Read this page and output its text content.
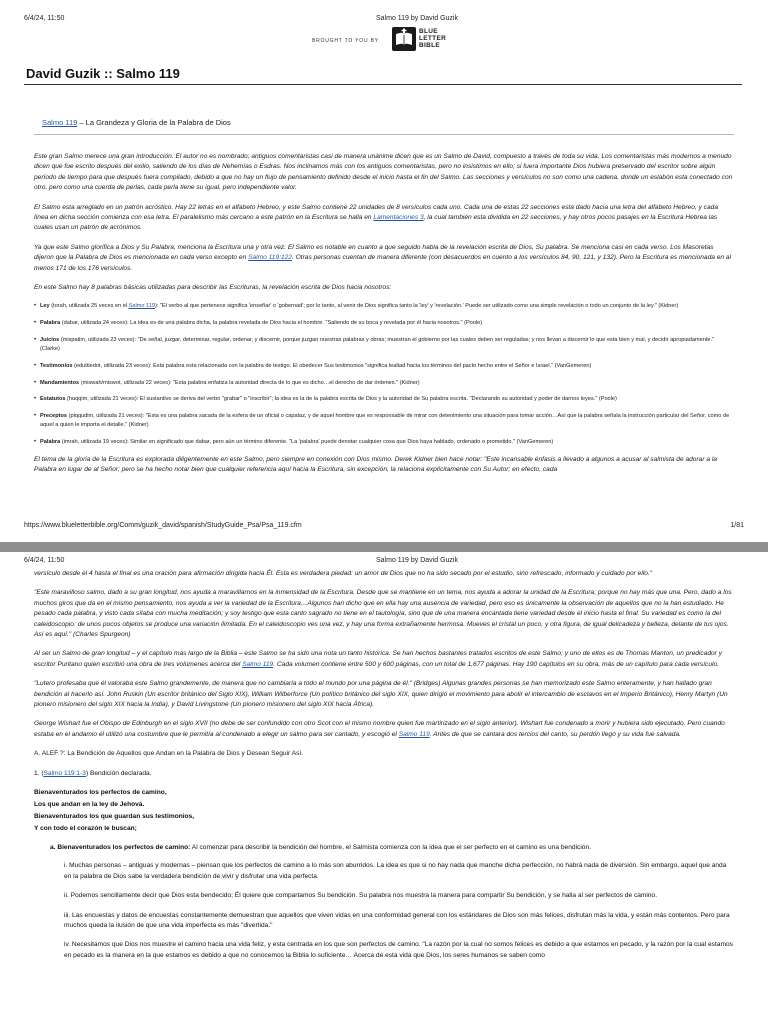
6/4/24, 11:50	Salmo 119 by David Guzik
BROUGHT TO YOU BY
BLUE
LETTER
BIBLE
David Guzik :: Salmo 119
Salmo 119 – La Grandeza y Gloria de la Palabra de Dios

Este gran Salmo merece una gran introducción. El autor no es nombrado; antiguos comentaristas casi de manera unánime dicen que es un Salmo de David, compuesto a través de toda su vida. Los comentaristas más modernos a menudo dicen que fue escrito después del exilio, saliendo de los días de Nehemías o Esdras. Nos inclinamos más con los antiguos comentaristas, pero no insistimos en ello; si fuera importante Dios hubiera preservado del escritor sobre algún período de tiempo para que después fuera compilado, debido a que no hay un flujo de pensamiento definido desde el inicio hasta el fin del Salmo. Las secciones y versículos no son como una cadena, donde un eslabón esta conectado con otro, pero como una cuerda de perlas, cada perla tiene su igual, pero independiente valor.

El Salmo esta arreglado en un patrón acróstico. Hay 22 letras en el alfabeto Hebreo, y este Salmo contiene 22 unidades de 8 versículos cada uno. Cada una de estas 22 secciones esta dado hacia una letra del alfabeto Hebreo, y cada línea en dicha sección comienza con esa letra. El paralelismo más cercano a este patrón en la Escritura se halla en Lamentaciones 3, la cual también esta dividida en 22 secciones, y hay otros pocos pasajes en la Escritura Hebrea las cuales usan un patrón de acrónimos.

Ya que este Salmo glorifica a Dios y Su Palabra, menciona la Escritura una y otra vez. El Salmo es notable en cuanto a que seguido habla de la revelación escrita de Dios, Su palabra. Se menciona casi en cada verso. Los Masoretas dijeron que la Palabra de Dios es mencionada en cada verso excepto en Salmo 119:122. Otras personas cuentan de manera diferente (con desacuerdos en cuento a los versículos 84, 90, 121, y 132). Pero la Escritura es mencionada en al menos 171 de los 176 versículos.

En este Salmo hay 8 palabras básicas utilizadas para describir las Escrituras, la revelación escrita de Dios hacia nosotros:

• Ley (torah, utilizada 25 veces en el Salmo 119): "El verbo al que pertenece significa 'enseñar' o 'gobernad'; por lo tanto, al venir de Dios significa tanto la 'ley' y 'revelación.' Puede ser utilizado como una simple revelación o todo un conjunto de la ley." (Kidner)
• Palabra (dabar, utilizada 24 veces): La idea es de una palabra dicha, la palabra revelada de Dios hacia el hombre. "Saliendo de su boca y revelada por él hacia nosotros." (Poole)
• Juicios (mispatim, utilizada 23 veces): "De señal, juzgar, determinar, regular, ordenar, y discernir, porque juzgan nuestras palabras y obras; muestran el gobierno por las cuales deben ser reguladas; y nos llevan a discernir lo que esta bien y mal, y decidir apropiadamente." (Clarke)
• Testimonios (eduttiedot, utilizada 23 veces): Esta palabra esta relacionada con la palabra de testigo. El obedecer Sus testimonios "significa lealtad hacia los términos del pacto hecho entre el Señor e Israel." (VanGemeren)
• Mandamientos (miswah/miswot, utilizada 22 veces): "Esta palabra enfatiza la autoridad directa de lo que es dicho…el derecho de dar órdenes." (Kidner)
• Estatutos (huqqim, utilizada 21 veces): El sustantivo se deriva del verbo "grabar" o "inscribir"; la idea es la de la palabra escrita de Dios y la autoridad de Su palabra escrita. "Declarando su autoridad y poder de darnos leyes." (Poole)
• Preceptos (piqqudim, utilizada 21 veces): "Esta es una palabra sacada de la esfera de un oficial o capataz, y de aquel hombre que es responsable de mirar con detenimiento una situación para tomar acción…Así que la palabra señala la instrucción particular del Señor, como de aquel a quien le importa el detalle." (Kidner)
• Palabra (imrah, utilizada 19 veces): Similar en significado que dabar, pero aún un término diferente. "La 'palabra' puede denotar cualquier cosa que Dios haya hablado, ordenado o prometido." (VanGemeren)

El tema de la gloria de la Escritura es explorada diligentemente en este Salmo, pero siempre en conexión con Dios mismo. Derek Kidner bien hace notar: "Este incansable énfasis a llevado a algunos a acusar al salmista de adorar a la Palabra en lugar de al Señor; pero se ha hecho notar bien que cualquier referencia aquí hacia la Escritura, sin excepción, la relaciona explícitamente con Su Autor; en efecto, cada

https://www.blueletterbible.org/Comm/guzik_david/spanish/StudyGuide_Psa/Psa_119.cfm	1/81
6/4/24, 11:50	Salmo 119 by David Guzik

versículo desde el 4 hasta el final es una oración para afirmación dirigida hacia Él. Esta es verdadera piedad: un amor de Dios que no ha sido secado por el estudio, sino refrescado, informado y cuidado por ello."

"Este maravilloso salmo, dado a su gran longitud, nos ayuda a maravillarnos en la inmensidad de la Escritura. Desde que se mantiene en un tema, nos ayuda a adorar la unidad de la Escritura; porque no hay más que una. Pero, dado a los muchos giros que da en el mismo pensamiento, nos ayuda a ver la variedad de la Escritura…Algunos han dicho que en ella hay una ausencia de variedad, pero eso es únicamente la observación de aquellos que no la han estudiado. He pesado cada palabra, y visto cada sílaba con mucha meditación; y soy testigo que esta canto sagrado no tiene en el tautología, sino que de una manera encantada tiene variedad desde el inicio hasta el final. Su variedad es como la del caleidoscopio: de unos pocos objetos se produce una variación ilimitada. En el caleidoscopio ves una vez, y hay una forma extrañamente hermosa. Mueves el cristal un poco, y otra figura, de igual delicadeza y belleza, delante de tus ojos. Así es aquí." (Charles Spurgeon)

Al ser un Salmo de gran longitud – y el capítulo más largo de la Biblia – este Salmo se ha sido una nota un tanto histórica. Se han hechos bastantes tratados escritos de este Salmo; y uno de ellos es de Thomas Manton, un predicador y escritor Puritano quien escribió una obra de tres volúmenes acerca del Salmo 119. Cada volumen contiene entre 500 y 600 páginas, con un total de 1,677 páginas. Hay 190 capítulos en su obra, más de un capítulo para cada versículo.

"Lutero profesaba que él valoraba este Salmo grandemente, de manera que no cambiaría a todo el mundo por una página de él." (Bridges) Algunas grandes personas se han memorizado este Salmo enteramente, y han hallado gran bendición al hacerlo así. John Ruskin (Un escritor británico del Siglo XIX), William Wilberforce (Un político británico del siglo XIX, quien dirigió el movimiento para abolir el intercambio de esclavos en el Imperio Británico), Henry Martyn (Un pionero misionero del siglo XIX hacia la India), y David Livingstone (Un pionero misionero del siglo XIX hacia África).

George Wishart fue el Obispo de Edinburgh en el siglo XVII (no debe de ser confundido con otro Scot con el mismo nombre quien fue martirizado en el siglo anterior). Wishart fue condenado a morir y hubiera sido ejecutado. Pero cuando estaba en el andamio él utilizó una costumbre que le permitía al condenado a elegir un salmo para ser cantado, y escogió el Salmo 119. Antes de que se cantara dos tercios del canto, su perdón llegó y su vida fue salvada.

A. ALEF ?: La Bendición de Aquellos que Andan en la Palabra de Dios y Desean Seguir Así.
1. (Salmo 119:1-3) Bendición declarada.
Bienaventurados los perfectos de camino,
Los que andan en la ley de Jehová.
Bienaventurados los que guardan sus testimonios,
Y con todo el corazón le buscan;
a. Bienaventurados los perfectos de camino: Al comenzar para describir la bendición del hombre, el Salmista comienza con la idea que el ser perfecto en el camino es una bendición.
i. Muchas personas – antiguas y modernas – piensan que los perfectos de camino a lo más son aburridos. La idea es que si no hay nada que manche dicha perfección, no habrá nada de diversión. Sin embargo, aquel que anda en la palabra de Dios sabe la verdadera bendición de vivir y disfrutar una vida perfecta.
ii. Podemos sencillamente decir que Dios esta bendecido; Él quiere que compartamos Su bendición. Su palabra nos muestra la manera para compartir Su bendición, y se halla al ser perfectos de camino.
iii. Las encuestas y datos de encuestas constantemente demuestran que aquellos que viven vidas en una conformidad general con los estándares de Dios son más felices, disfrutan más la vida, y están más contentos. Pero para muchos queda la ilusión de que una vida imperfecta es más "divertida."
iv. Necesitamos que Dios nos muestre el camino hacia una vida feliz, y esta centrada en los que son perfectos de camino. "La razón por la cual no somos felices es debido a que estamos en pecado, y la razón por la cual estamos en pecado es la manera en la que estamos es debido a que no conocemos la Biblia lo suficiente… Acerca de esta vida que Dios, los seres humanos se saben como
